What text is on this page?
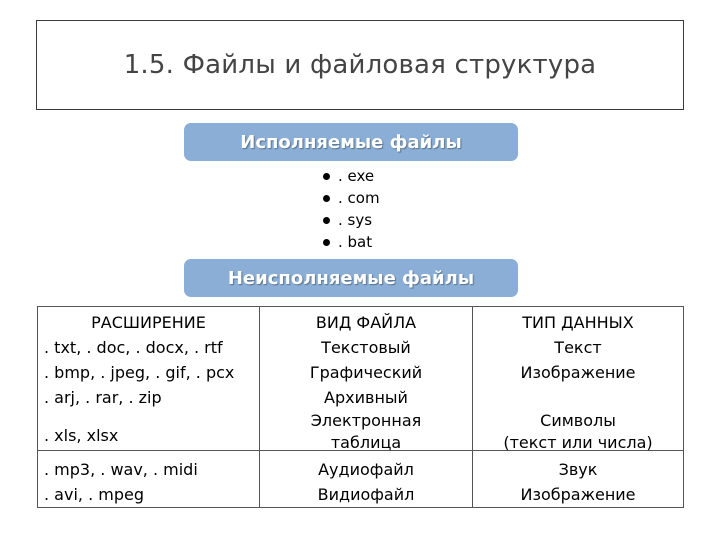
1.5. Файлы и файловая структура
Исполняемые файлы
. exe
. com
. sys
. bat
Неисполняемые файлы
РАСШИРЕНИЕ
. txt, . doc, . docx, . rtf
. bmp, . jpeg, . gif, . pcx
. arj, . rar, . zip
. xls, xlsx
. mp3, . wav, . midi
. avi, . mpeg
ВИД ФАЙЛА
Текстовый
Графический
Архивный
Электронная
таблица
Аудиофайл
Видиофайл
ТИП ДАННЫХ
Текст
Изображение
Символы
(текст или числа)
Звук
Изображение
